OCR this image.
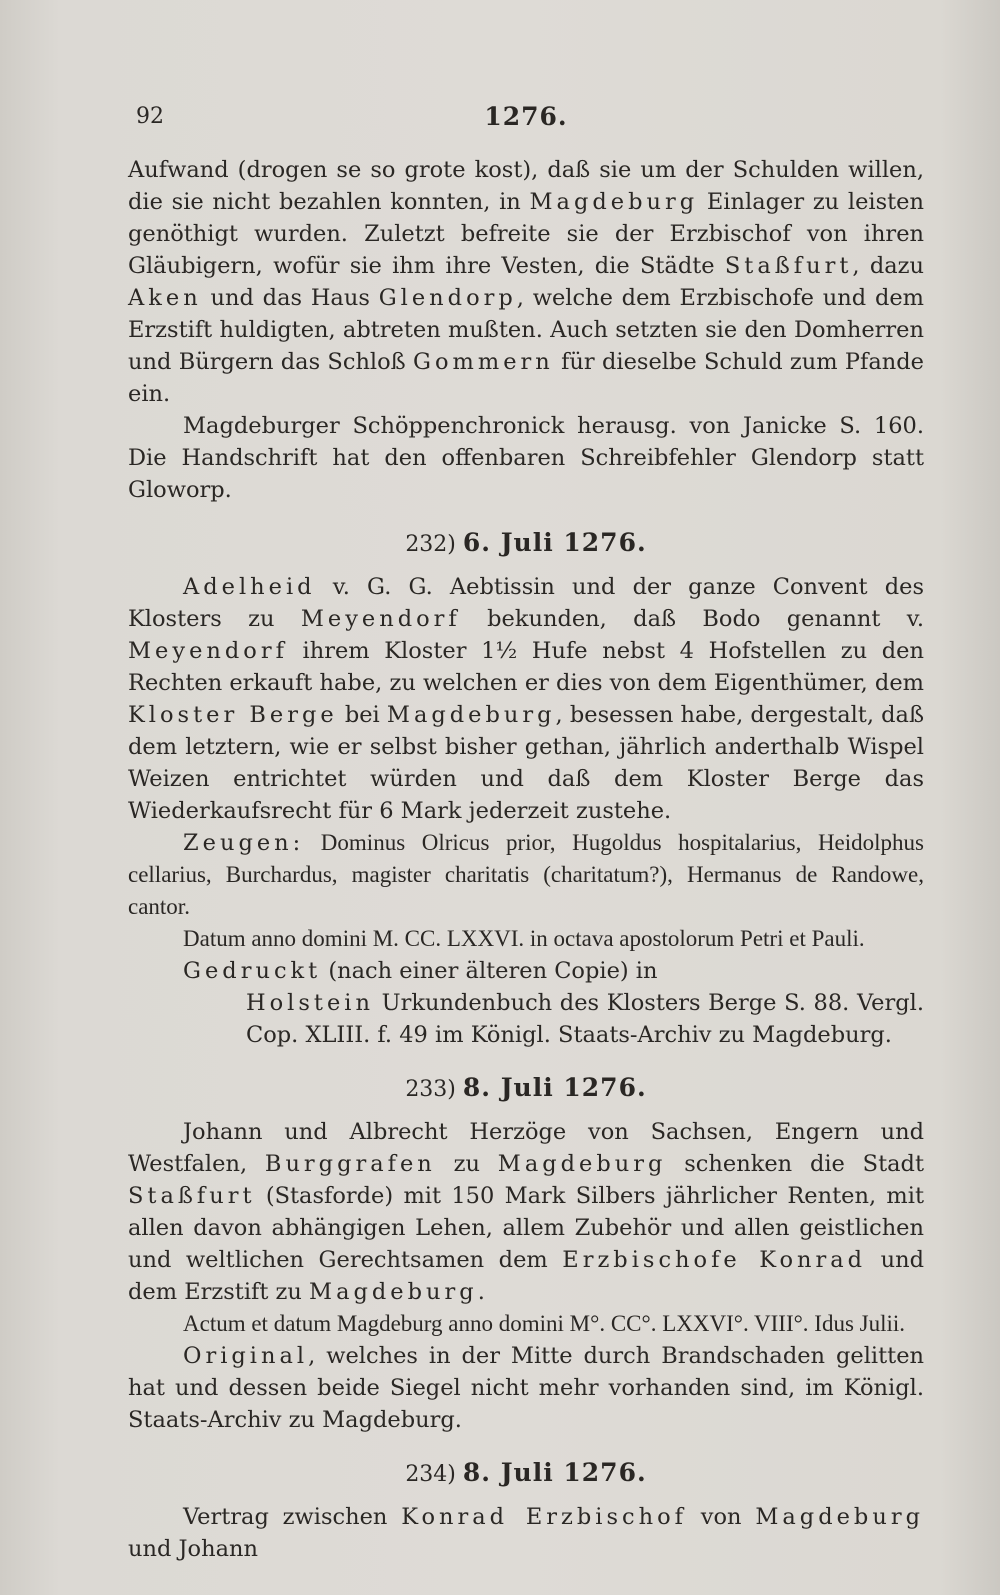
92	1276.

Aufwand (drogen se so grote kost), daß sie um der Schulden willen, die sie nicht bezahlen konnten, in Magdeburg Einlager zu leisten genöthigt wurden. Zuletzt befreite sie der Erzbischof von ihren Gläubigern, wofür sie ihm ihre Vesten, die Städte Staßfurt, dazu Aken und das Haus Glendorp, welche dem Erzbischofe und dem Erzstift huldigten, abtreten mußten. Auch setzten sie den Domherren und Bürgern das Schloß Gommern für dieselbe Schuld zum Pfande ein.

Magdeburger Schöppenchronick herausg. von Janicke S. 160. Die Handschrift hat den offenbaren Schreibfehler Glendorp statt Gloworp.

232) 6. Juli 1276.

Adelheid v. G. G. Aebtissin und der ganze Convent des Klosters zu Meyendorf bekunden, daß Bodo genannt v. Meyendorf ihrem Kloster 1½ Hufe nebst 4 Hofstellen zu den Rechten erkauft habe, zu welchen er dies von dem Eigenthümer, dem Kloster Berge bei Magdeburg, besessen habe, dergestalt, daß dem letztern, wie er selbst bisher gethan, jährlich anderthalb Wispel Weizen entrichtet würden und daß dem Kloster Berge das Wiederkaufsrecht für 6 Mark jederzeit zustehe.

Zeugen: Dominus Olricus prior, Hugoldus hospitalarius, Heidolphus cellarius, Burchardus, magister charitatis (charitatum?), Hermanus de Randowe, cantor.

Datum anno domini M. CC. LXXVI. in octava apostolorum Petri et Pauli.

Gedruckt (nach einer älteren Copie) in

Holstein Urkundenbuch des Klosters Berge S. 88. Vergl. Cop. XLIII. f. 49 im Königl. Staats-Archiv zu Magdeburg.

233) 8. Juli 1276.

Johann und Albrecht Herzöge von Sachsen, Engern und Westfalen, Burggrafen zu Magdeburg schenken die Stadt Staßfurt (Stasforde) mit 150 Mark Silbers jährlicher Renten, mit allen davon abhängigen Lehen, allem Zubehör und allen geistlichen und weltlichen Gerechtsamen dem Erzbischofe Konrad und dem Erzstift zu Magdeburg.

Actum et datum Magdeburg anno domini M°. CC°. LXXVI°. VIII°. Idus Julii.

Original, welches in der Mitte durch Brandschaden gelitten hat und dessen beide Siegel nicht mehr vorhanden sind, im Königl. Staats-Archiv zu Magdeburg.

234) 8. Juli 1276.

Vertrag zwischen Konrad Erzbischof von Magdeburg und Johann
